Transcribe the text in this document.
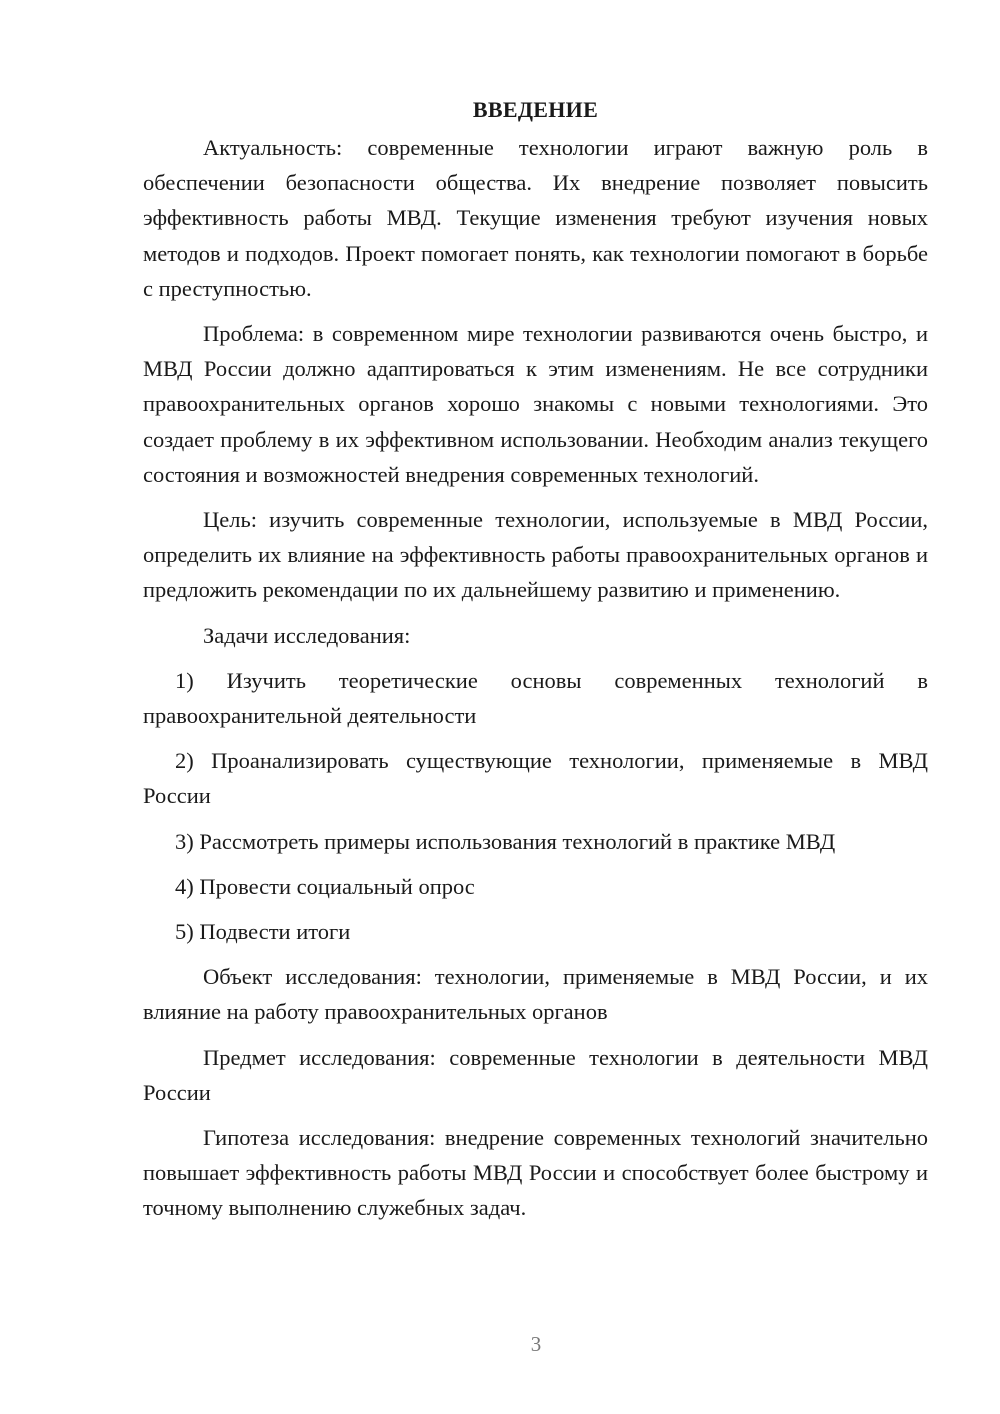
ВВЕДЕНИЕ

Актуальность: современные технологии играют важную роль в обеспечении безопасности общества. Их внедрение позволяет повысить эффективность работы МВД. Текущие изменения требуют изучения новых методов и подходов. Проект помогает понять, как технологии помогают в борьбе с преступностью.

Проблема: в современном мире технологии развиваются очень быстро, и МВД России должно адаптироваться к этим изменениям. Не все сотрудники правоохранительных органов хорошо знакомы с новыми технологиями. Это создает проблему в их эффективном использовании. Необходим анализ текущего состояния и возможностей внедрения современных технологий.

Цель: изучить современные технологии, используемые в МВД России, определить их влияние на эффективность работы правоохранительных органов и предложить рекомендации по их дальнейшему развитию и применению.

Задачи исследования:

1) Изучить теоретические основы современных технологий в правоохранительной деятельности

2) Проанализировать существующие технологии, применяемые в МВД России

3) Рассмотреть примеры использования технологий в практике МВД

4) Провести социальный опрос

5) Подвести итоги

Объект исследования: технологии, применяемые в МВД России, и их влияние на работу правоохранительных органов

Предмет исследования: современные технологии в деятельности МВД России

Гипотеза исследования: внедрение современных технологий значительно повышает эффективность работы МВД России и способствует более быстрому и точному выполнению служебных задач.

3
